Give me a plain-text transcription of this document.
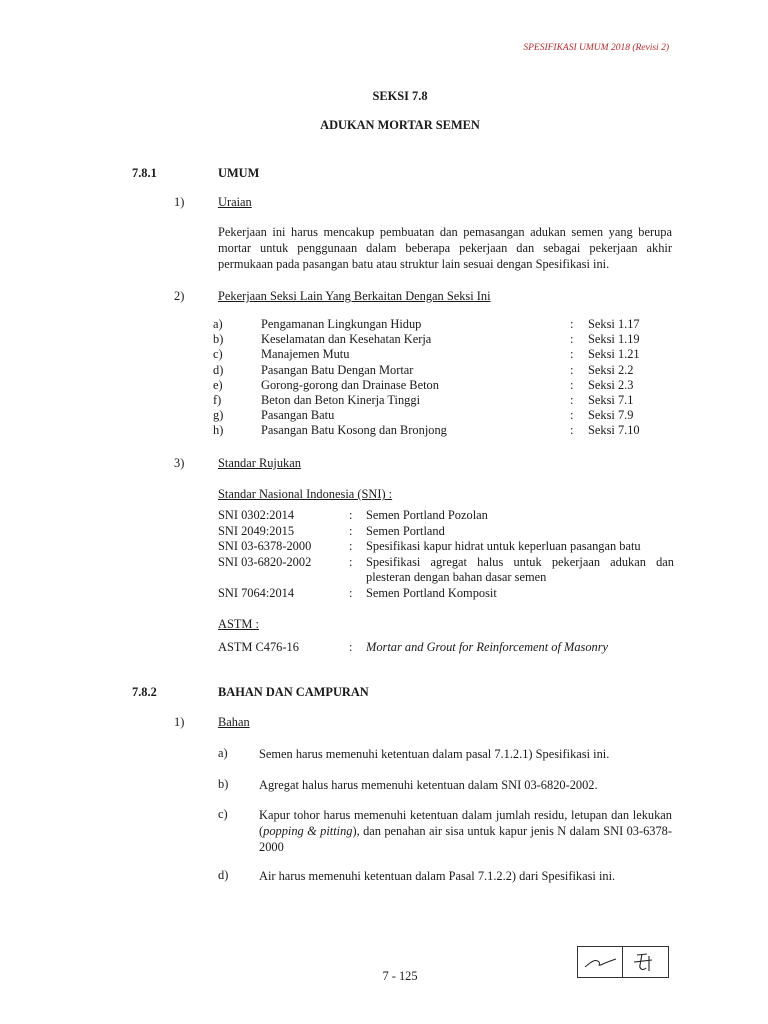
SPESIFIKASI UMUM 2018 (Revisi 2)
SEKSI 7.8
ADUKAN MORTAR SEMEN
7.8.1	UMUM
1)	Uraian
Pekerjaan ini harus mencakup pembuatan dan pemasangan adukan semen yang berupa mortar untuk penggunaan dalam beberapa pekerjaan dan sebagai pekerjaan akhir permukaan pada pasangan batu atau struktur lain sesuai dengan Spesifikasi ini.
2)	Pekerjaan Seksi Lain Yang Berkaitan Dengan Seksi Ini
a)	Pengamanan Lingkungan Hidup	: Seksi 1.17
b)	Keselamatan dan Kesehatan Kerja	: Seksi 1.19
c)	Manajemen Mutu	: Seksi 1.21
d)	Pasangan Batu Dengan Mortar	: Seksi 2.2
e)	Gorong-gorong dan Drainase Beton	: Seksi 2.3
f)	Beton dan Beton Kinerja Tinggi	: Seksi 7.1
g)	Pasangan Batu	: Seksi 7.9
h)	Pasangan Batu Kosong dan Bronjong	: Seksi 7.10
3)	Standar Rujukan
Standar Nasional Indonesia (SNI) :
SNI 0302:2014	: Semen Portland Pozolan
SNI 2049:2015	: Semen Portland
SNI 03-6378-2000	: Spesifikasi kapur hidrat untuk keperluan pasangan batu
SNI 03-6820-2002	: Spesifikasi agregat halus untuk pekerjaan adukan dan plesteran dengan bahan dasar semen
SNI 7064:2014	: Semen Portland Komposit
ASTM :
ASTM C476-16	: Mortar and Grout for Reinforcement of Masonry
7.8.2	BAHAN DAN CAMPURAN
1)	Bahan
a)	Semen harus memenuhi ketentuan dalam pasal 7.1.2.1) Spesifikasi ini.
b) Agregat halus harus memenuhi ketentuan dalam SNI 03-6820-2002.
c)	Kapur tohor harus memenuhi ketentuan dalam jumlah residu, letupan dan lekukan (popping & pitting), dan penahan air sisa untuk kapur jenis N dalam SNI 03-6378-2000
d) Air harus memenuhi ketentuan dalam Pasal 7.1.2.2) dari Spesifikasi ini.
7 - 125
